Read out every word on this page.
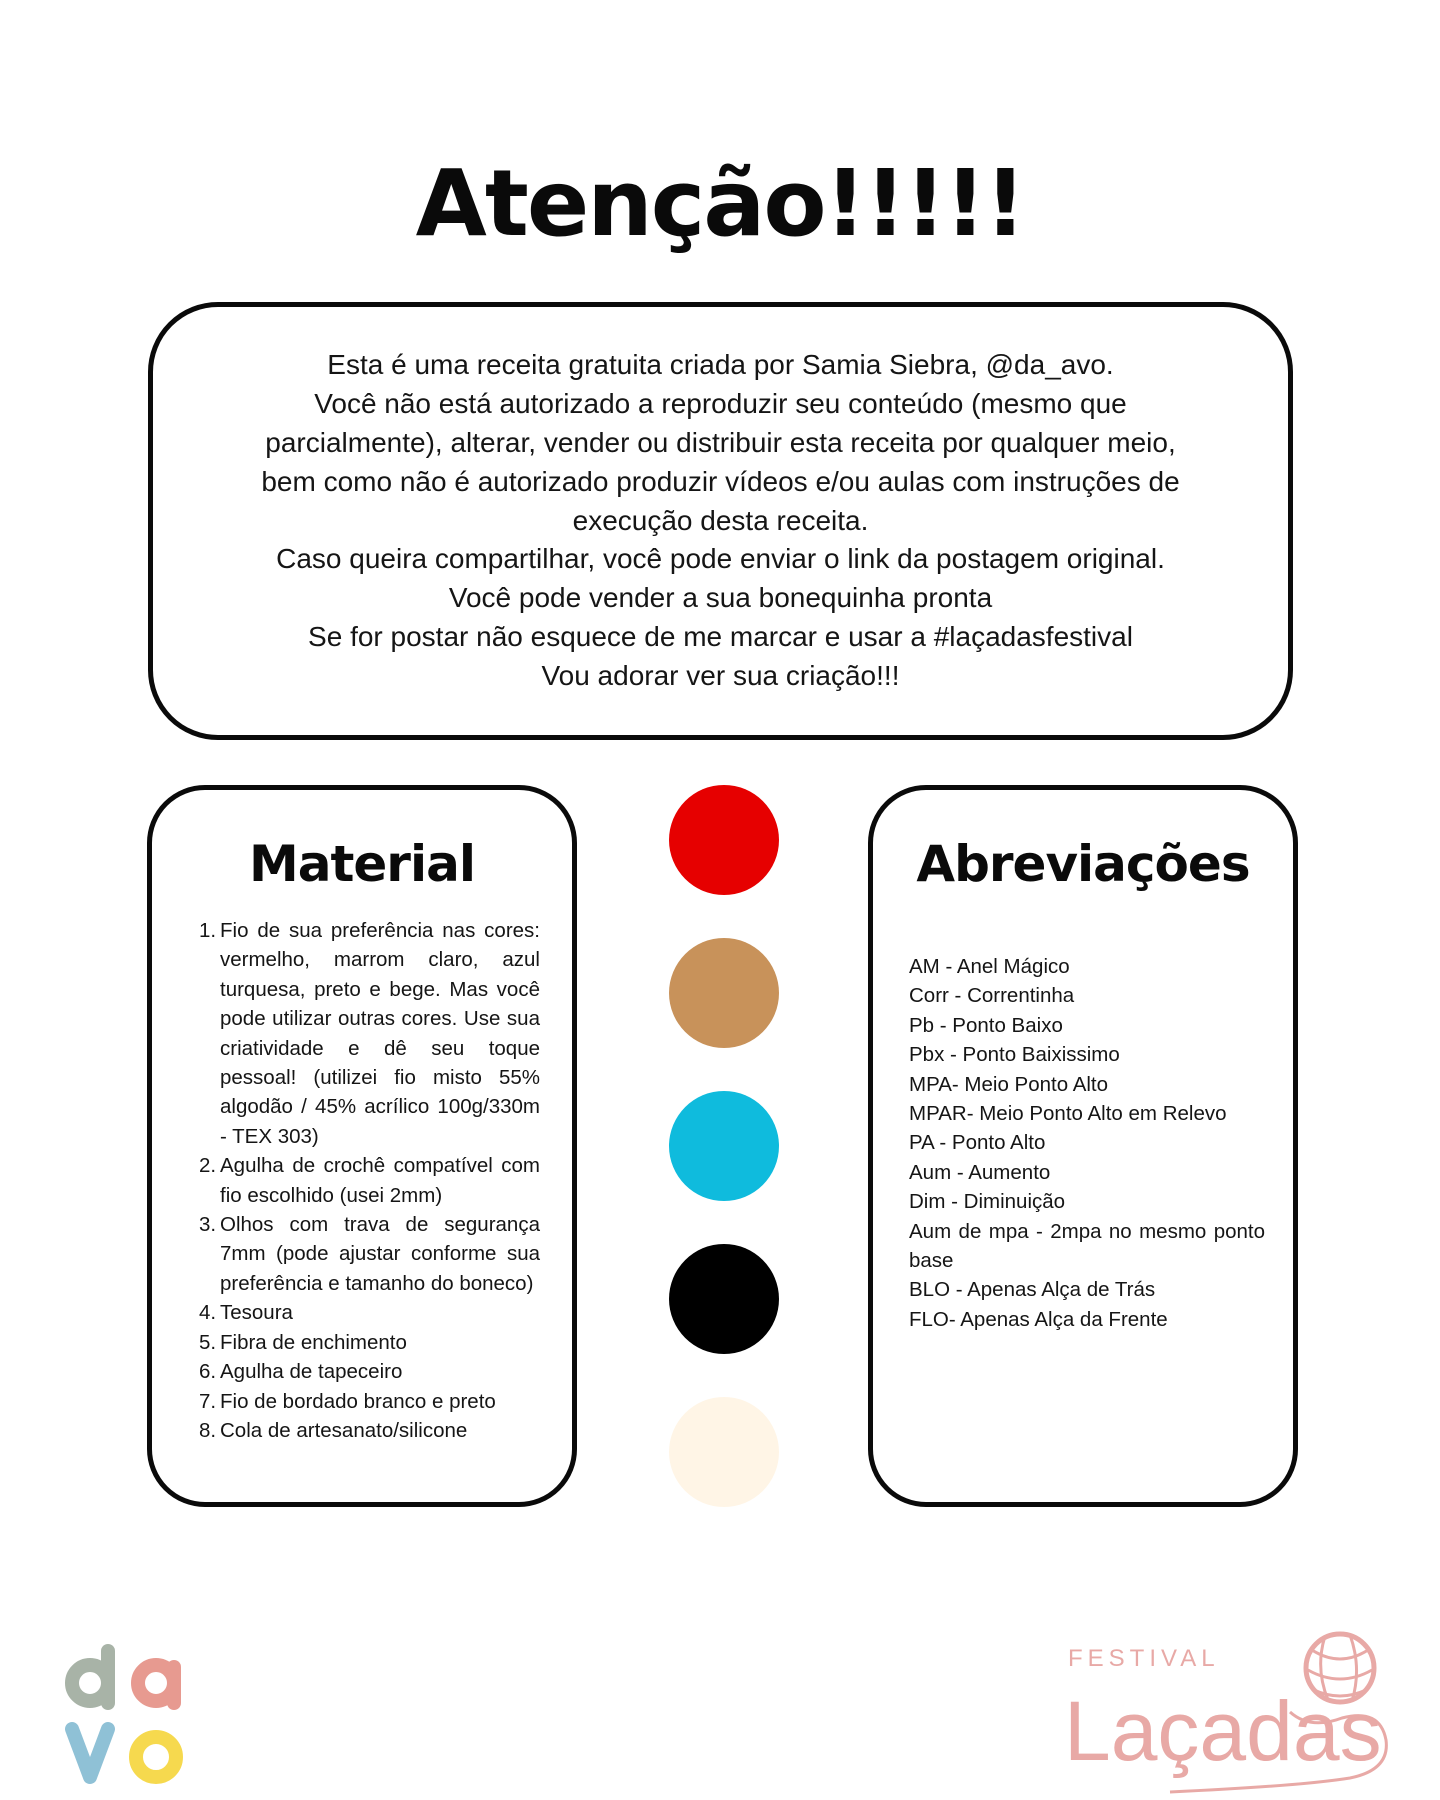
Atenção!!!!!
Esta é uma receita gratuita criada por Samia Siebra, @da_avo.
Você não está autorizado a reproduzir seu conteúdo (mesmo que parcialmente), alterar, vender ou distribuir esta receita por qualquer meio, bem como não é autorizado produzir vídeos e/ou aulas com instruções de execução desta receita.
Caso queira compartilhar, você pode enviar o link da postagem original.
Você pode vender a sua bonequinha pronta
Se for postar não esquece de me marcar e usar a #laçadasfestival
Vou adorar ver sua criação!!!
Material
1. Fio de sua preferência nas cores: vermelho, marrom claro, azul turquesa, preto e bege. Mas você pode utilizar outras cores. Use sua criatividade e dê seu toque pessoal! (utilizei fio misto 55% algodão / 45% acrílico 100g/330m - TEX 303)
2. Agulha de crochê compatível com fio escolhido (usei 2mm)
3. Olhos com trava de segurança 7mm (pode ajustar conforme sua preferência e tamanho do boneco)
4. Tesoura
5. Fibra de enchimento
6. Agulha de tapeceiro
7. Fio de bordado branco e preto
8. Cola de artesanato/silicone
Abreviações
AM - Anel Mágico
Corr - Correntinha
Pb - Ponto Baixo
Pbx - Ponto Baixissimo
MPA- Meio Ponto Alto
MPAR- Meio Ponto Alto em Relevo
PA - Ponto Alto
Aum - Aumento
Dim - Diminuição
Aum de mpa - 2mpa no mesmo ponto base
BLO - Apenas Alça de Trás
FLO- Apenas Alça da Frente
FESTIVAL
Laçadas
